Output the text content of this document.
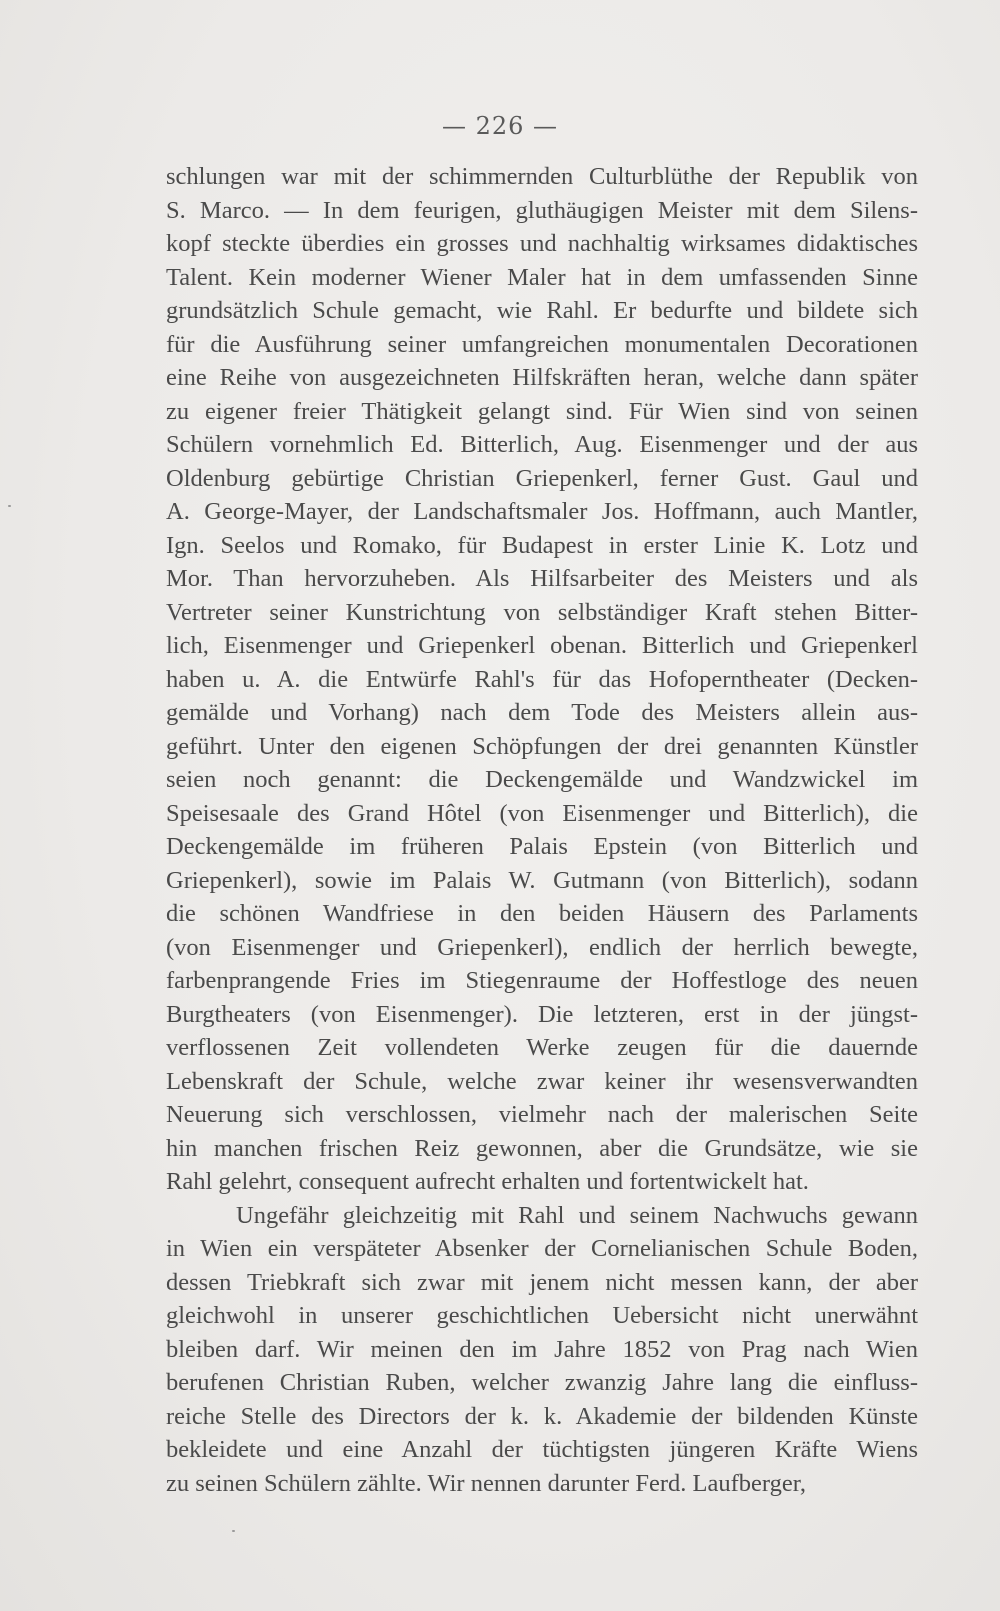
— 226 —
schlungen war mit der schimmernden Culturblüthe der Republik von
S. Marco. — In dem feurigen, gluthäugigen Meister mit dem Silens-
kopf steckte überdies ein grosses und nachhaltig wirksames didaktisches
Talent. Kein moderner Wiener Maler hat in dem umfassenden Sinne
grundsätzlich Schule gemacht, wie Rahl. Er bedurfte und bildete sich
für die Ausführung seiner umfangreichen monumentalen Decorationen
eine Reihe von ausgezeichneten Hilfskräften heran, welche dann später
zu eigener freier Thätigkeit gelangt sind. Für Wien sind von seinen
Schülern vornehmlich Ed. Bitterlich, Aug. Eisenmenger und der aus
Oldenburg gebürtige Christian Griepenkerl, ferner Gust. Gaul und
A. George-Mayer, der Landschaftsmaler Jos. Hoffmann, auch Mantler,
Ign. Seelos und Romako, für Budapest in erster Linie K. Lotz und
Mor. Than hervorzuheben. Als Hilfsarbeiter des Meisters und als
Vertreter seiner Kunstrichtung von selbständiger Kraft stehen Bitter-
lich, Eisenmenger und Griepenkerl obenan. Bitterlich und Griepenkerl
haben u. A. die Entwürfe Rahl's für das Hofoperntheater (Decken-
gemälde und Vorhang) nach dem Tode des Meisters allein aus-
geführt. Unter den eigenen Schöpfungen der drei genannten Künstler
seien noch genannt: die Deckengemälde und Wandzwickel im
Speisesaale des Grand Hôtel (von Eisenmenger und Bitterlich), die
Deckengemälde im früheren Palais Epstein (von Bitterlich und
Griepenkerl), sowie im Palais W. Gutmann (von Bitterlich), sodann
die schönen Wandfriese in den beiden Häusern des Parlaments
(von Eisenmenger und Griepenkerl), endlich der herrlich bewegte,
farbenprangende Fries im Stiegenraume der Hoffestloge des neuen
Burgtheaters (von Eisenmenger). Die letzteren, erst in der jüngst-
verflossenen Zeit vollendeten Werke zeugen für die dauernde
Lebenskraft der Schule, welche zwar keiner ihr wesensverwandten
Neuerung sich verschlossen, vielmehr nach der malerischen Seite
hin manchen frischen Reiz gewonnen, aber die Grundsätze, wie sie
Rahl gelehrt, consequent aufrecht erhalten und fortentwickelt hat.
Ungefähr gleichzeitig mit Rahl und seinem Nachwuchs gewann
in Wien ein verspäteter Absenker der Cornelianischen Schule Boden,
dessen Triebkraft sich zwar mit jenem nicht messen kann, der aber
gleichwohl in unserer geschichtlichen Uebersicht nicht unerwähnt
bleiben darf. Wir meinen den im Jahre 1852 von Prag nach Wien
berufenen Christian Ruben, welcher zwanzig Jahre lang die einfluss-
reiche Stelle des Directors der k. k. Akademie der bildenden Künste
bekleidete und eine Anzahl der tüchtigsten jüngeren Kräfte Wiens
zu seinen Schülern zählte. Wir nennen darunter Ferd. Laufberger,
